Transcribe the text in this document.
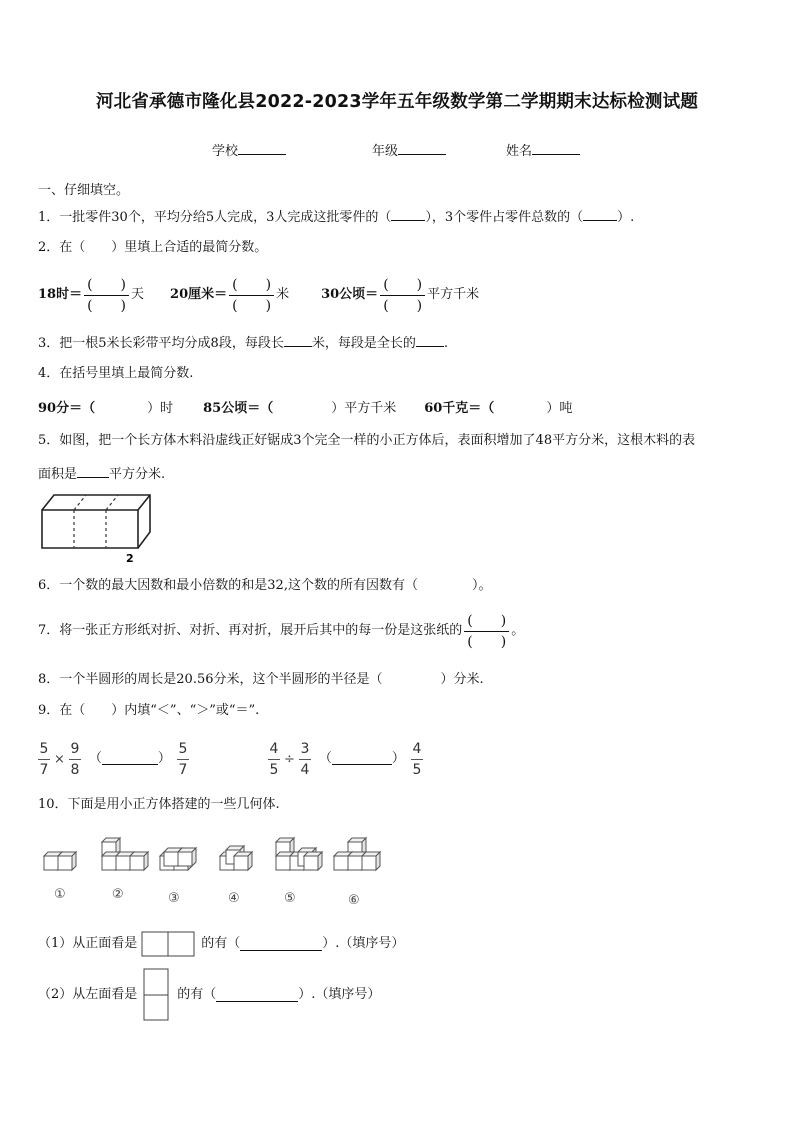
河北省承德市隆化县2022-2023学年五年级数学第二学期期末达标检测试题
学校	年级	姓名
一、仔细填空。
1．一批零件30个，平均分给5人完成，3人完成这批零件的（	），3个零件占零件总数的（	）.
2．在（　　）里填上合适的最简分数。
18时＝ $\frac{( )}{( )}$ 天 20厘米＝ $\frac{( )}{( )}$ 米 30公顷＝ $\frac{( )}{( )}$ 平方千米
3．把一根5米长彩带平均分成8段，每段长 米，每段是全长的 .
4．在括号里填上最简分数.
90分＝（	）时 85公顷＝（	）平方千米 60千克＝（	）吨
5．如图，把一个长方体木料沿虚线正好锯成3个完全一样的小正方体后，表面积增加了48平方分米，这根木料的表
面积是 平方分米.
2
6．一个数的最大因数和最小倍数的和是32,这个数的所有因数有（	）。
7．将一张正方形纸对折、对折、再对折，展开后其中的每一份是这张纸的 $\frac{( )}{( )}$ 。
8．一个半圆形的周长是20.56分米，这个半圆形的半径是（	）分米.
9．在（　　）内填“＜”、“＞”或“＝”.
5
7
×
9
8
（	）
5
7
4
5
÷
3
4
（	）
4
5
10．下面是用小正方体搭建的一些几何体.
①	②	③	④	⑤	⑥
（1）从正面看是	的有（	）.（填序号）
（2）从左面看是	的有（	）.（填序号）
